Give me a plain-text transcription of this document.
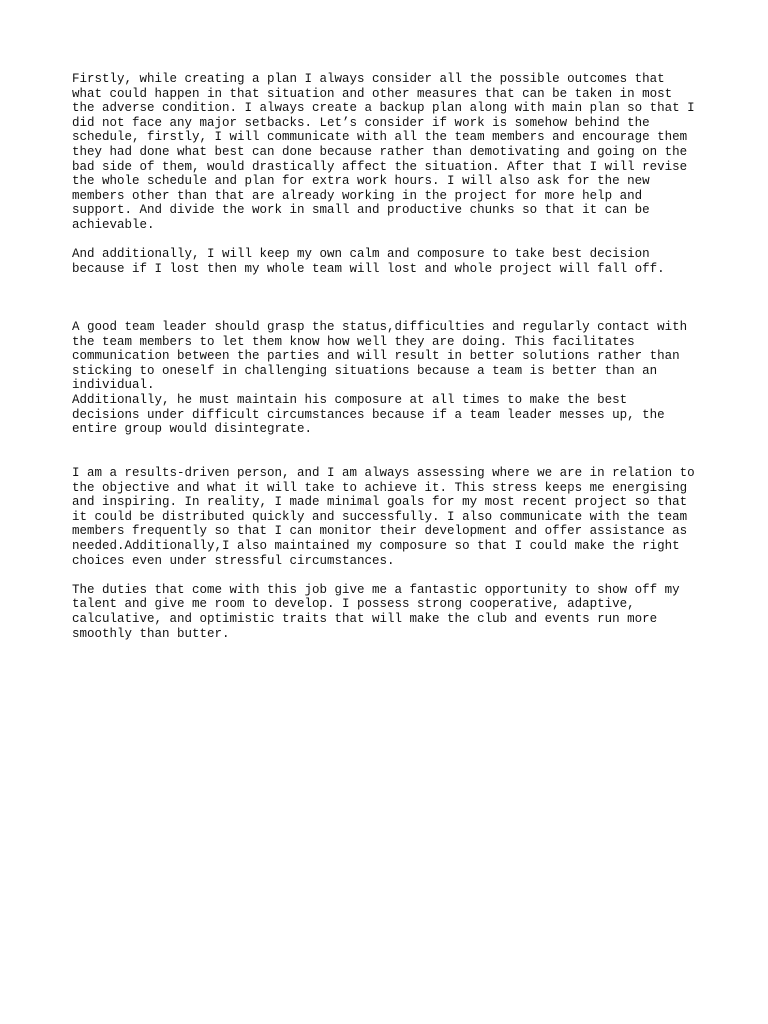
Firstly, while creating a plan I always consider all the possible outcomes that
what could happen in that situation and other measures that can be taken in most
the adverse condition. I always create a backup plan along with main plan so that I
did not face any major setbacks. Let’s consider if work is somehow behind the
schedule, firstly, I will communicate with all the team members and encourage them
they had done what best can done because rather than demotivating and going on the
bad side of them, would drastically affect the situation. After that I will revise
the whole schedule and plan for extra work hours. I will also ask for the new
members other than that are already working in the project for more help and
support. And divide the work in small and productive chunks so that it can be
achievable.

And additionally, I will keep my own calm and composure to take best decision
because if I lost then my whole team will lost and whole project will fall off.

A good team leader should grasp the status,difficulties and regularly contact with
the team members to let them know how well they are doing. This facilitates
communication between the parties and will result in better solutions rather than
sticking to oneself in challenging situations because a team is better than an
individual.
Additionally, he must maintain his composure at all times to make the best
decisions under difficult circumstances because if a team leader messes up, the
entire group would disintegrate.

I am a results-driven person, and I am always assessing where we are in relation to
the objective and what it will take to achieve it. This stress keeps me energising
and inspiring. In reality, I made minimal goals for my most recent project so that
it could be distributed quickly and successfully. I also communicate with the team
members frequently so that I can monitor their development and offer assistance as
needed.Additionally,I also maintained my composure so that I could make the right
choices even under stressful circumstances.

The duties that come with this job give me a fantastic opportunity to show off my
talent and give me room to develop. I possess strong cooperative, adaptive,
calculative, and optimistic traits that will make the club and events run more
smoothly than butter.
